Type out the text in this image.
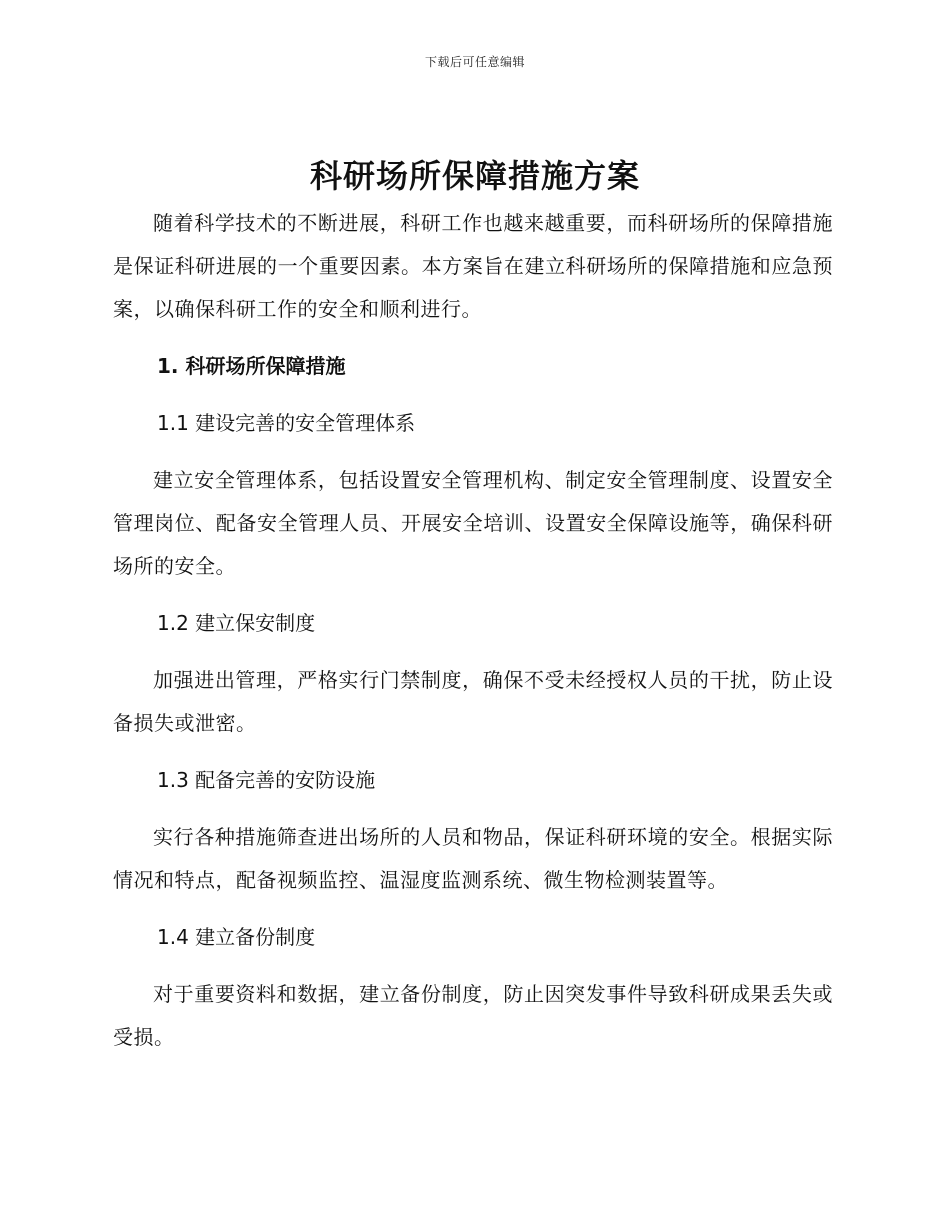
下载后可任意编辑
科研场所保障措施方案

随着科学技术的不断进展，科研工作也越来越重要，而科研场所的保障措施是保证科研进展的一个重要因素。本方案旨在建立科研场所的保障措施和应急预案，以确保科研工作的安全和顺利进行。

1. 科研场所保障措施

1.1 建设完善的安全管理体系

建立安全管理体系，包括设置安全管理机构、制定安全管理制度、设置安全管理岗位、配备安全管理人员、开展安全培训、设置安全保障设施等，确保科研场所的安全。

1.2 建立保安制度

加强进出管理，严格实行门禁制度，确保不受未经授权人员的干扰，防止设备损失或泄密。

1.3 配备完善的安防设施

实行各种措施筛查进出场所的人员和物品，保证科研环境的安全。根据实际情况和特点，配备视频监控、温湿度监测系统、微生物检测装置等。

1.4 建立备份制度

对于重要资料和数据，建立备份制度，防止因突发事件导致科研成果丢失或受损。
